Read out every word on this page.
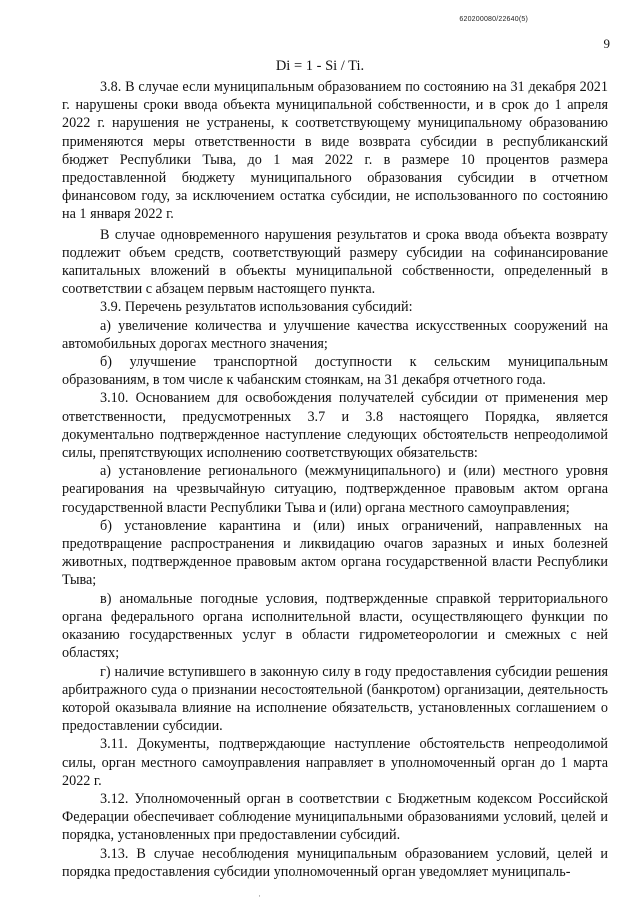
620200080/22640(5)
9
Di = 1 - Si / Ti.

3.8. В случае если муниципальным образованием по состоянию на 31 декабря 2021 г. нарушены сроки ввода объекта муниципальной собственности, и в срок до 1 апреля 2022 г. нарушения не устранены, к соответствующему муниципальному образованию применяются меры ответственности в виде возврата субсидии в республиканский бюджет Республики Тыва, до 1 мая 2022 г. в размере 10 процентов размера предоставленной бюджету муниципального образования субсидии в отчетном финансовом году, за исключением остатка субсидии, не использованного по состоянию на 1 января 2022 г.

В случае одновременного нарушения результатов и срока ввода объекта возврату подлежит объем средств, соответствующий размеру субсидии на софинансирование капитальных вложений в объекты муниципальной собственности, определенный в соответствии с абзацем первым настоящего пункта.

3.9. Перечень результатов использования субсидий:

а) увеличение количества и улучшение качества искусственных сооружений на автомобильных дорогах местного значения;

б) улучшение транспортной доступности к сельским муниципальным образованиям, в том числе к чабанским стоянкам, на 31 декабря отчетного года.

3.10. Основанием для освобождения получателей субсидии от применения мер ответственности, предусмотренных 3.7 и 3.8 настоящего Порядка, является документально подтвержденное наступление следующих обстоятельств непреодолимой силы, препятствующих исполнению соответствующих обязательств:

а) установление регионального (межмуниципального) и (или) местного уровня реагирования на чрезвычайную ситуацию, подтвержденное правовым актом органа государственной власти Республики Тыва и (или) органа местного самоуправления;

б) установление карантина и (или) иных ограничений, направленных на предотвращение распространения и ликвидацию очагов заразных и иных болезней животных, подтвержденное правовым актом органа государственной власти Республики Тыва;

в) аномальные погодные условия, подтвержденные справкой территориального органа федерального органа исполнительной власти, осуществляющего функции по оказанию государственных услуг в области гидрометеорологии и смежных с ней областях;

г) наличие вступившего в законную силу в году предоставления субсидии решения арбитражного суда о признании несостоятельной (банкротом) организации, деятельность которой оказывала влияние на исполнение обязательств, установленных соглашением о предоставлении субсидии.

3.11. Документы, подтверждающие наступление обстоятельств непреодолимой силы, орган местного самоуправления направляет в уполномоченный орган до 1 марта 2022 г.

3.12. Уполномоченный орган в соответствии с Бюджетным кодексом Российской Федерации обеспечивает соблюдение муниципальными образованиями условий, целей и порядка, установленных при предоставлении субсидий.

3.13. В случае несоблюдения муниципальным образованием условий, целей и порядка предоставления субсидии уполномоченный орган уведомляет муниципаль-

·
